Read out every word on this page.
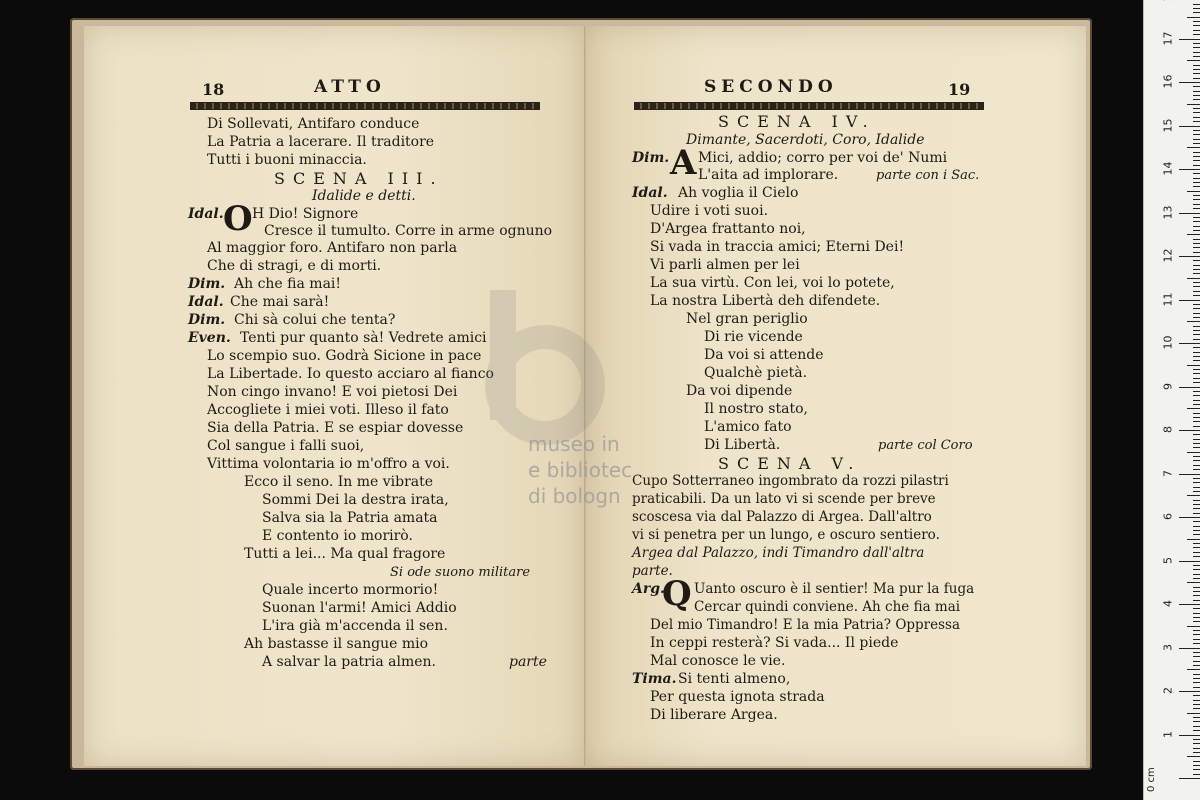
18	ATTO
Di Sollevati, Antifaro conduce
La Patria a lacerare. Il traditore
Tutti i buoni minaccia.
SCENA III.
Idalide e detti.
Idal. O H Dio! Signore
Cresce il tumulto. Corre in arme ognuno
Al maggior foro. Antifaro non parla
Che di stragi, e di morti.
Dim. Ah che fia mai!
Idal. Che mai sarà!
Dim. Chi sà colui che tenta?
Even. Tenti pur quanto sà! Vedrete amici
Lo scempio suo. Godrà Sicione in pace
La Libertade. Io questo acciaro al fianco
Non cingo invano! E voi pietosi Dei
Accogliete i miei voti. Illeso il fato
Sia della Patria. E se espiar dovesse
Col sangue i falli suoi,
Vittima volontaria io m'offro a voi.
Ecco il seno. In me vibrate
Sommi Dei la destra irata,
Salva sia la Patria amata
E contento io morirò.
Tutti a lei... Ma qual fragore
Si ode suono militare
Quale incerto mormorio!
Suonan l'armi! Amici Addio
L'ira già m'accenda il sen.
Ah bastasse il sangue mio
A salvar la patria almen.	parte
SECONDO	19
SCENA IV.
Dimante, Sacerdoti, Coro, Idalide
Dim. A Mici, addio; corro per voi de' Numi
L'aita ad implorare.	parte con i Sac.
Idal. Ah voglia il Cielo
Udire i voti suoi.
D'Argea frattanto noi,
Si vada in traccia amici; Eterni Dei!
Vi parli almen per lei
La sua virtù. Con lei, voi lo potete,
La nostra Libertà deh difendete.
Nel gran periglio
Di rie vicende
Da voi si attende
Qualchè pietà.
Da voi dipende
Il nostro stato,
L'amico fato
Di Libertà.	parte col Coro
SCENA V.
Cupo Sotterraneo ingombrato da rozzi pilastri
praticabili. Da un lato vi si scende per breve
scoscesa via dal Palazzo di Argea. Dall'altro
vi si penetra per un lungo, e oscuro sentiero.
Argea dal Palazzo, indi Timandro dall'altra
parte.
Arg.
Q Uanto oscuro è il sentier! Ma pur la fuga
Cercar quindi conviene. Ah che fia mai
Del mio Timandro! E la mia Patria? Oppressa
In ceppi resterà? Si vada... Il piede
Mal conosce le vie.
Tima. Si tenti almeno,
Per questa ignota strada
Di liberare Argea.
museo in
e bibliotec
di bologn
0 cm
1
2
3
4
5
6
7
8
9
10
11
12
13
14
15
16
17
